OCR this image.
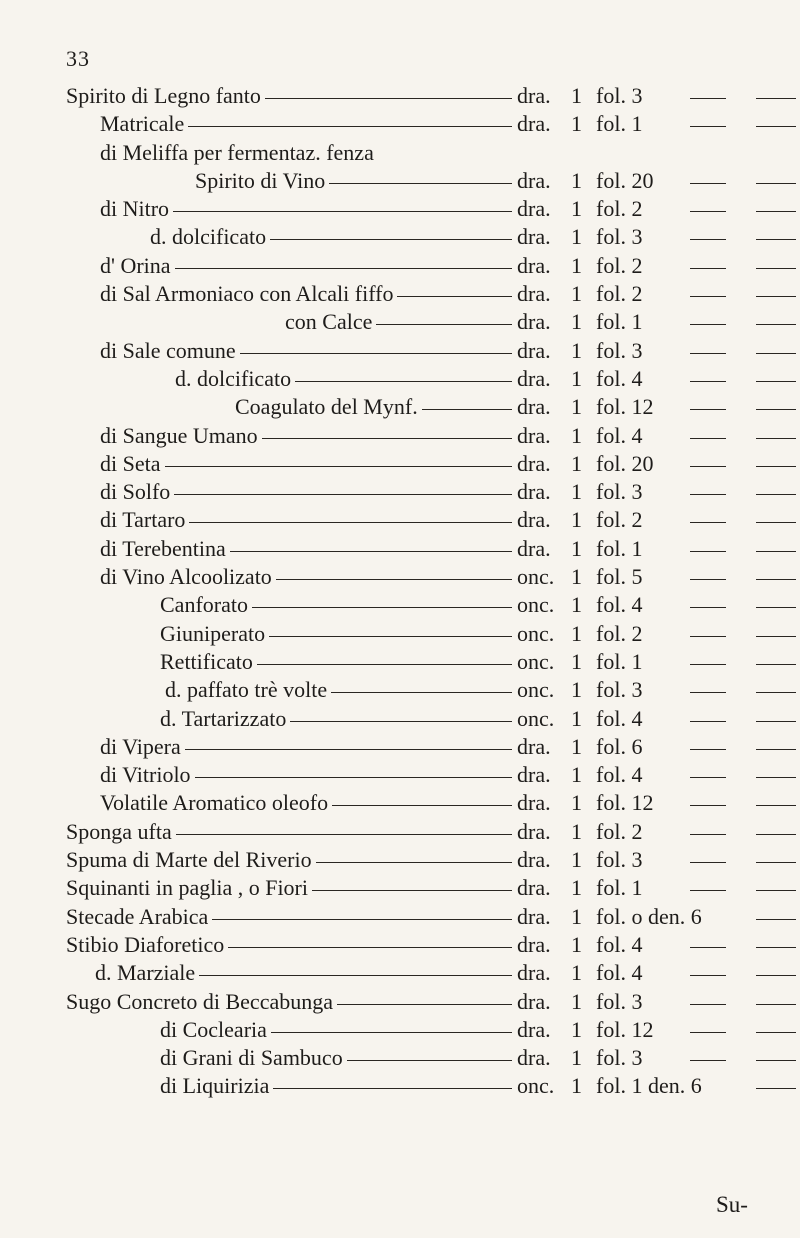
33
Spirito di Legno fanto	dra. 1 fol. 3
Matricale	dra. 1 fol. 1
di Meliffa per fermentaz. fenza
Spirito di Vino	dra. 1 fol. 20
di Nitro	dra. 1 fol. 2
d. dolcificato	dra. 1 fol. 3
d' Orina	dra. 1 fol. 2
di Sal Armoniaco con Alcali fiffo	dra. 1 fol. 2
con Calce	dra. 1 fol. 1
di Sale comune	dra. 1 fol. 3
d. dolcificato	dra. 1 fol. 4
Coagulato del Mynf.	dra. 1 fol. 12
di Sangue Umano	dra. 1 fol. 4
di Seta	dra. 1 fol. 20
di Solfo	dra. 1 fol. 3
di Tartaro	dra. 1 fol. 2
di Terebentina	dra. 1 fol. 1
di Vino Alcoolizato	onc. 1 fol. 5
Canforato	onc. 1 fol. 4
Giuniperato	onc. 1 fol. 2
Rettificato	onc. 1 fol. 1
d. paffato trè volte	onc. 1 fol. 3
d. Tartarizzato	onc. 1 fol. 4
di Vipera	dra. 1 fol. 6
di Vitriolo	dra. 1 fol. 4
Volatile Aromatico oleofo	dra. 1 fol. 12
Sponga ufta	dra. 1 fol. 2
Spuma di Marte del Riverio	dra. 1 fol. 3
Squinanti in paglia , o Fiori	dra. 1 fol. 1
Stecade Arabica	dra. 1 fol. o den. 6
Stibio Diaforetico	dra. 1 fol. 4
d. Marziale	dra. 1 fol. 4
Sugo Concreto di Beccabunga	dra. 1 fol. 3
di Coclearia	dra. 1 fol. 12
di Grani di Sambuco	dra. 1 fol. 3
di Liquirizia	onc. 1 fol. 1 den. 6
Su-
